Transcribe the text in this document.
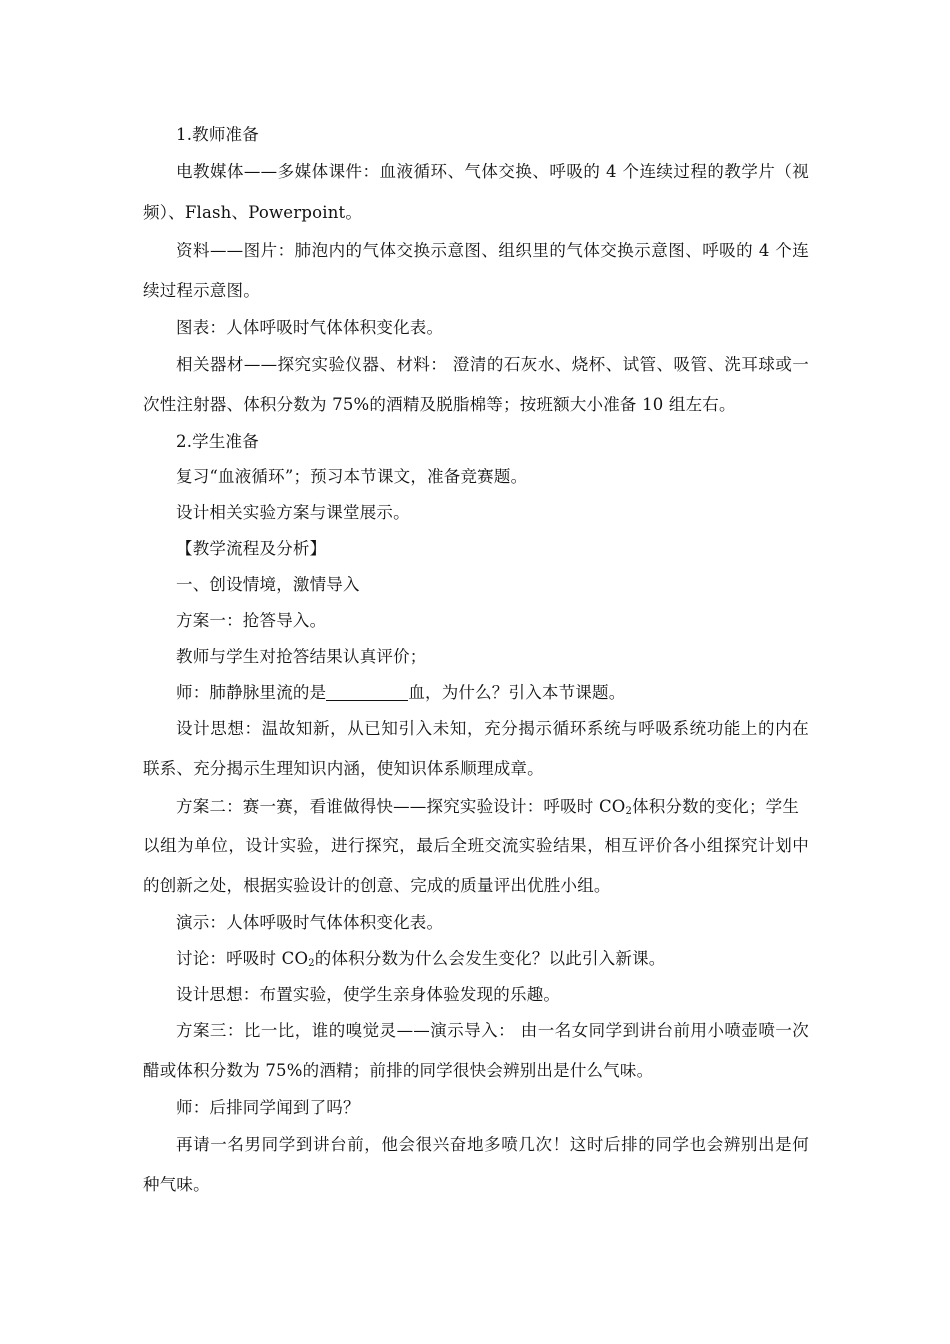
1.教师准备
电教媒体——多媒体课件：血液循环、气体交换、呼吸的 4 个连续过程的教学片（视
频）、Flash、Powerpoint。
资料——图片：肺泡内的气体交换示意图、组织里的气体交换示意图、呼吸的 4 个连
续过程示意图。
图表：人体呼吸时气体体积变化表。
相关器材——探究实验仪器、材料： 澄清的石灰水、烧杯、试管、吸管、洗耳球或一
次性注射器、体积分数为 75%的酒精及脱脂棉等；按班额大小准备 10 组左右。
2.学生准备
复习“血液循环”；预习本节课文，准备竞赛题。
设计相关实验方案与课堂展示。
【教学流程及分析】
一、创设情境，激情导入
方案一：抢答导入。
教师与学生对抢答结果认真评价；
师：肺静脉里流的是	血，为什么？引入本节课题。
设计思想：温故知新，从已知引入未知，充分揭示循环系统与呼吸系统功能上的内在
联系、充分揭示生理知识内涵，使知识体系顺理成章。
方案二：赛一赛，看谁做得快——探究实验设计：呼吸时 $CO_2$体积分数的变化；学生
以组为单位，设计实验，进行探究，最后全班交流实验结果，相互评价各小组探究计划中
的创新之处，根据实验设计的创意、完成的质量评出优胜小组。
演示：人体呼吸时气体体积变化表。
讨论：呼吸时 $CO_2$的体积分数为什么会发生变化？以此引入新课。
设计思想：布置实验，使学生亲身体验发现的乐趣。
方案三：比一比，谁的嗅觉灵——演示导入： 由一名女同学到讲台前用小喷壶喷一次
醋或体积分数为 75%的酒精；前排的同学很快会辨别出是什么气味。
师：后排同学闻到了吗？
再请一名男同学到讲台前，他会很兴奋地多喷几次！这时后排的同学也会辨别出是何
种气味。
